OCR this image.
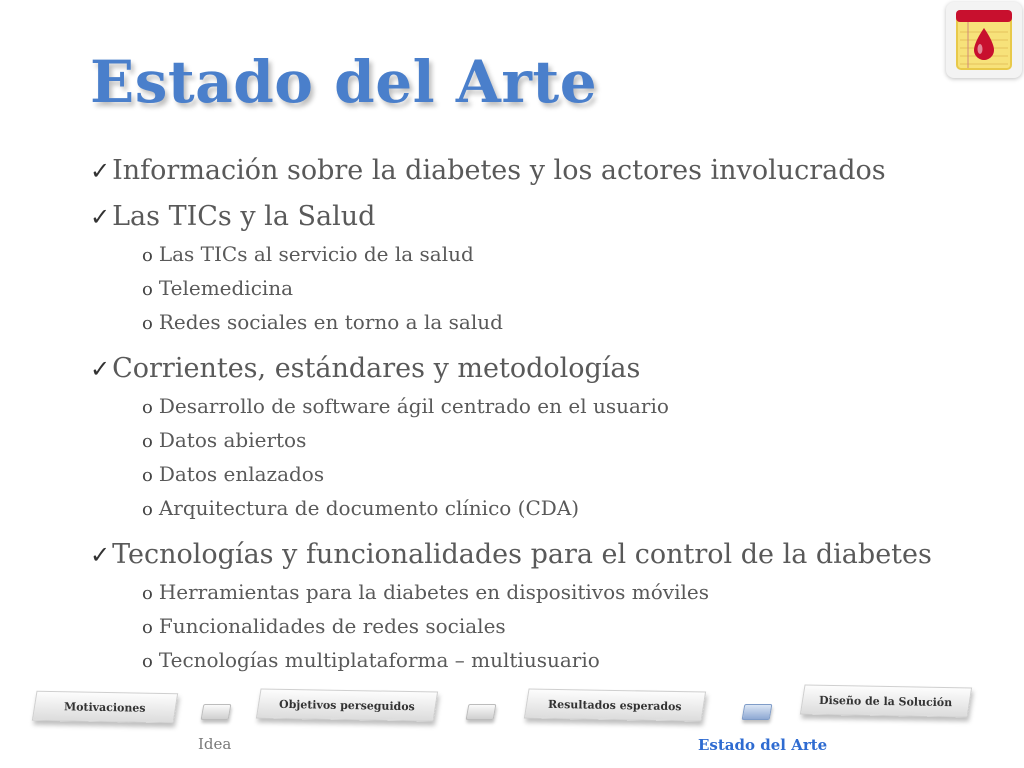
Estado del Arte
✓Información sobre la diabetes y los actores involucrados
✓Las TICs y la Salud
o Las TICs al servicio de la salud
o Telemedicina
o Redes sociales en torno a la salud
✓Corrientes, estándares y metodologías
o Desarrollo de software ágil centrado en el usuario
o Datos abiertos
o Datos enlazados
o Arquitectura de documento clínico (CDA)
✓Tecnologías y funcionalidades para el control de la diabetes
o Herramientas para la diabetes en dispositivos móviles
o Funcionalidades de redes sociales
o Tecnologías multiplataforma – multiusuario
Motivaciones
Idea
Objetivos perseguidos	Resultados esperados
Estado del Arte
Diseño de la Solución
